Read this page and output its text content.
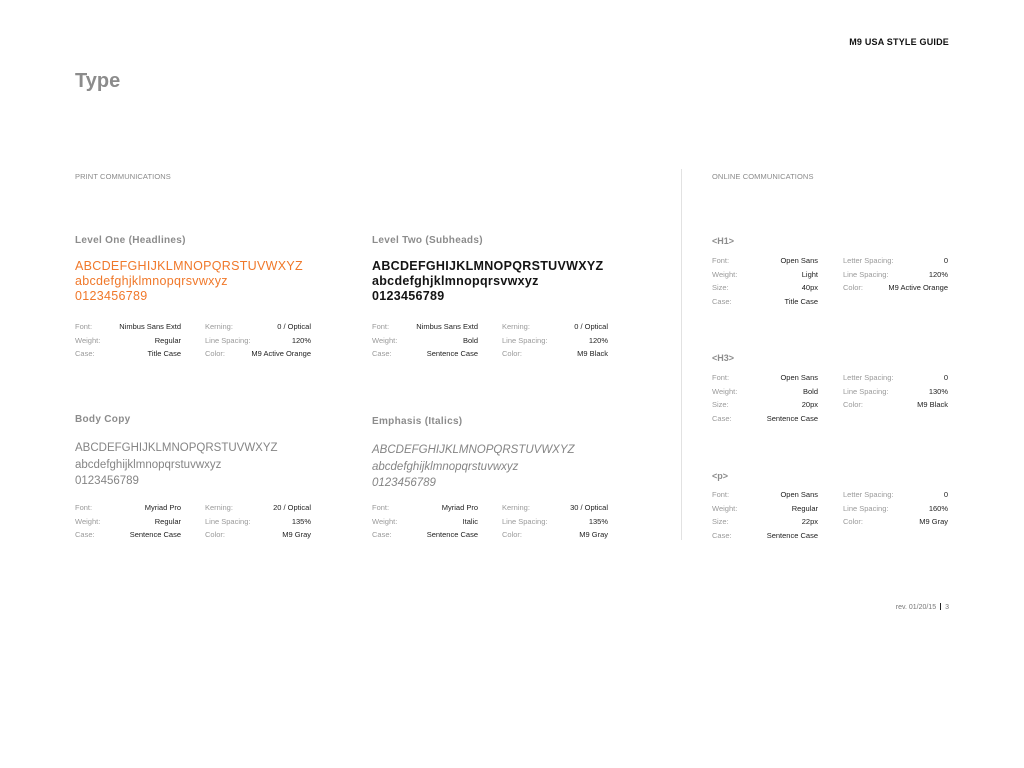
M9 USA STYLE GUIDE
Type
PRINT COMMUNICATIONS	ONLINE COMMUNICATIONS
Level One (Headlines)
ABCDEFGHIJKLMNOPQRSTUVWXYZ
abcdefghjklmnopqrsvwxyz
0123456789
Font:	Nimbus Sans Extd
Weight:	Regular
Case:	Title Case
Kerning:	0 / Optical
Line Spacing:	120%
Color:	M9 Active Orange
Level Two (Subheads)
ABCDEFGHIJKLMNOPQRSTUVWXYZ
abcdefghjklmnopqrsvwxyz
0123456789
Font:	Nimbus Sans Extd
Weight:	Bold
Case:	Sentence Case
Kerning:	0 / Optical
Line Spacing:	120%
Color:	M9 Black
Body Copy
ABCDEFGHIJKLMNOPQRSTUVWXYZ
abcdefghijklmnopqrstuvwxyz
0123456789
Font:	Myriad Pro
Weight:	Regular
Case:	Sentence Case
Kerning:	20 / Optical
Line Spacing:	135%
Color:	M9 Gray
Emphasis (Italics)
ABCDEFGHIJKLMNOPQRSTUVWXYZ
abcdefghijklmnopqrstuvwxyz
0123456789
Font:	Myriad Pro
Weight:	Italic
Case:	Sentence Case
Kerning:	30 / Optical
Line Spacing:	135%
Color:	M9 Gray
<H1>
Font:	Open Sans
Weight:	Light
Size:	40px
Case:	Title Case
Letter Spacing:	0
Line Spacing:	120%
Color:	M9 Active Orange
<H3>
Font:	Open Sans
Weight:	Bold
Size:	20px
Case:	Sentence Case
Letter Spacing:	0
Line Spacing:	130%
Color:	M9 Black
<p>
Font:	Open Sans
Weight:	Regular
Size:	22px
Case:	Sentence Case
Letter Spacing:	0
Line Spacing:	160%
Color:	M9 Gray
rev. 01/20/15 3
